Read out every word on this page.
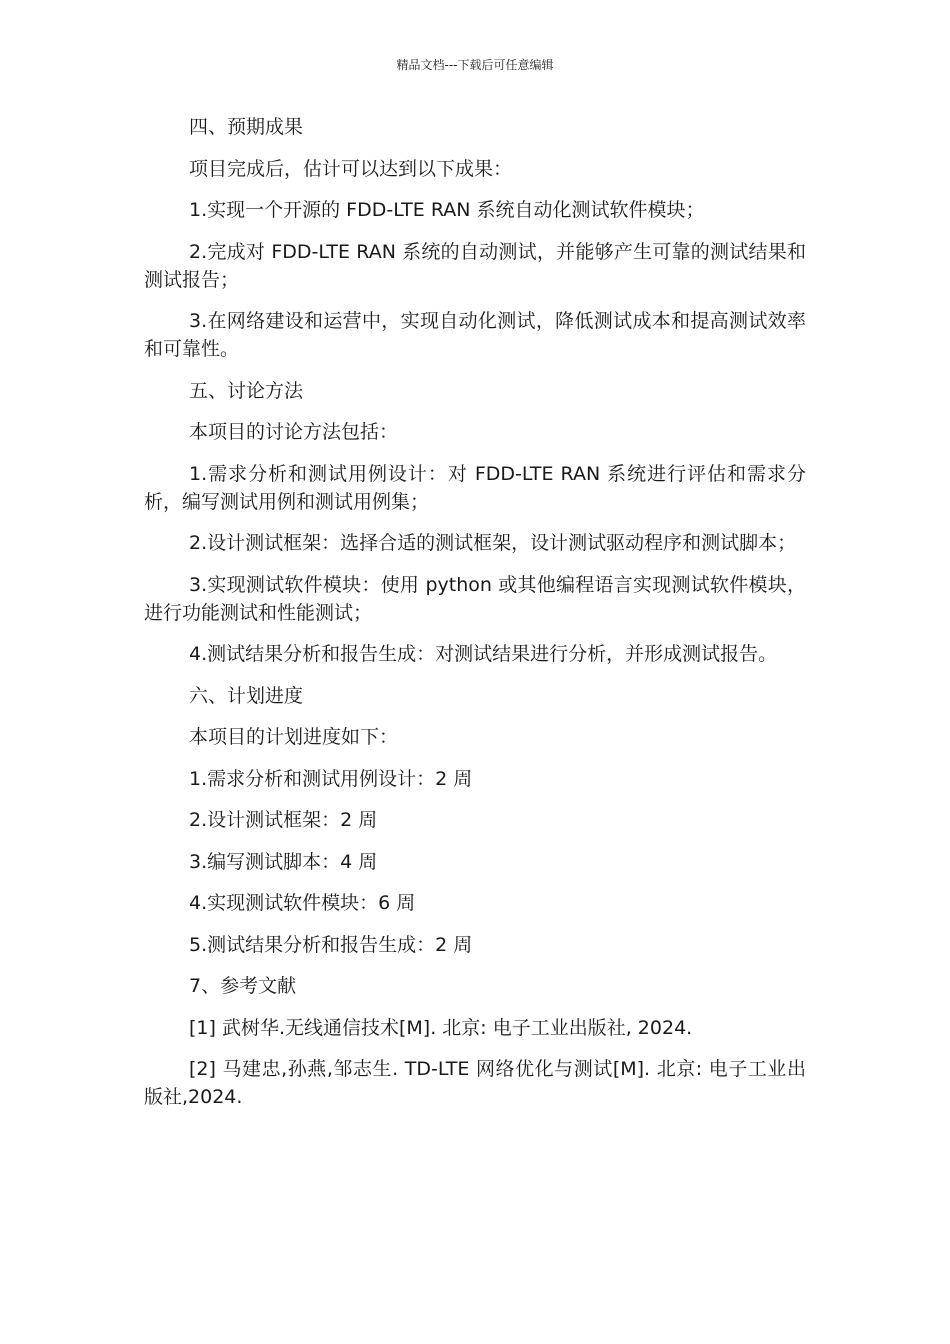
精品文档---下载后可任意编辑

四、预期成果

项目完成后，估计可以达到以下成果：

1.实现一个开源的 FDD-LTE RAN 系统自动化测试软件模块；

2.完成对 FDD-LTE RAN 系统的自动测试，并能够产生可靠的测试结果和测试报告；

3.在网络建设和运营中，实现自动化测试，降低测试成本和提高测试效率和可靠性。

五、讨论方法

本项目的讨论方法包括：

1.需求分析和测试用例设计：对 FDD-LTE RAN 系统进行评估和需求分析，编写测试用例和测试用例集；

2.设计测试框架：选择合适的测试框架，设计测试驱动程序和测试脚本；

3.实现测试软件模块：使用 python 或其他编程语言实现测试软件模块，进行功能测试和性能测试；

4.测试结果分析和报告生成：对测试结果进行分析，并形成测试报告。

六、计划进度

本项目的计划进度如下：

1.需求分析和测试用例设计：2 周

2.设计测试框架：2 周

3.编写测试脚本：4 周

4.实现测试软件模块：6 周

5.测试结果分析和报告生成：2 周

7、参考文献

[1] 武树华.无线通信技术[M]. 北京: 电子工业出版社, 2024.

[2] 马建忠,孙燕,邹志生. TD-LTE 网络优化与测试[M]. 北京: 电子工业出版社,2024.
